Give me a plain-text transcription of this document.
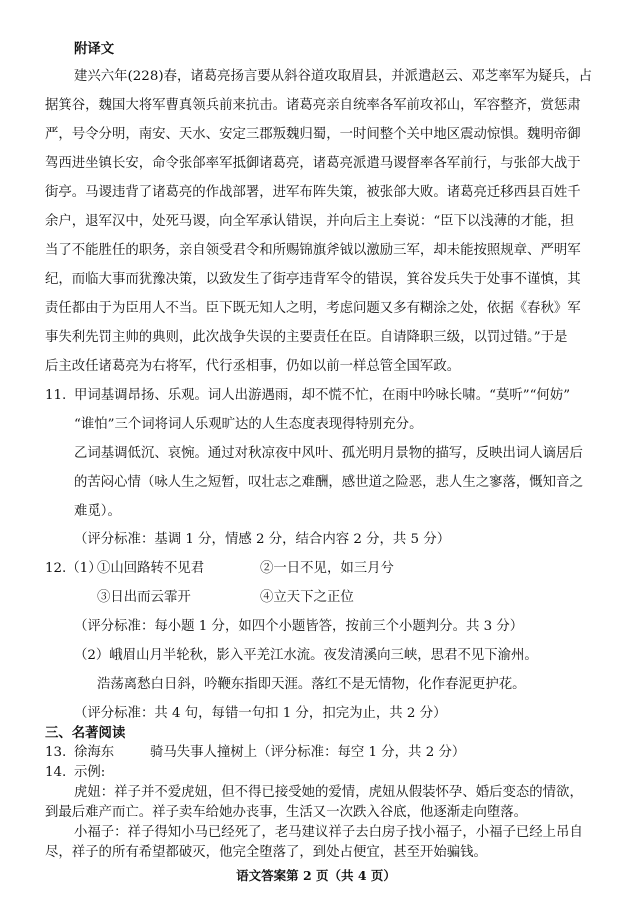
附译文
建兴六年(228)春，诸葛亮扬言要从斜谷道攻取眉县，并派遣赵云、邓芝率军为疑兵，占
据箕谷，魏国大将军曹真领兵前来抗击。诸葛亮亲自统率各军前攻祁山，军容整齐，赏惩肃
严，号令分明，南安、天水、安定三郡叛魏归蜀，一时间整个关中地区震动惊惧。魏明帝御
驾西进坐镇长安，命令张郃率军抵御诸葛亮，诸葛亮派遣马谡督率各军前行，与张郃大战于
街亭。马谡违背了诸葛亮的作战部署，进军布阵失策，被张郃大败。诸葛亮迁移西县百姓千
余户，退军汉中，处死马谡，向全军承认错误，并向后主上奏说：“臣下以浅薄的才能，担
当了不能胜任的职务，亲自领受君令和所赐锦旗斧钺以激励三军，却未能按照规章、严明军
纪，而临大事而犹豫决策，以致发生了街亭违背军令的错误，箕谷发兵失于处事不谨慎，其
责任都由于为臣用人不当。臣下既无知人之明，考虑问题又多有糊涂之处，依据《春秋》军
事失利先罚主帅的典则，此次战争失误的主要责任在臣。自请降职三级，以罚过错。”于是
后主改任诸葛亮为右将军，代行丞相事，仍如以前一样总管全国军政。
11. 甲词基调昂扬、乐观。词人出游遇雨，却不慌不忙，在雨中吟咏长啸。“莫听”“何妨”
“谁怕”三个词将词人乐观旷达的人生态度表现得特别充分。
乙词基调低沉、哀惋。通过对秋凉夜中风叶、孤光明月景物的描写，反映出词人谪居后
的苦闷心情（咏人生之短暂，叹壮志之难酬，感世道之险恶，悲人生之寥落，慨知音之
难觅）。
（评分标准：基调 1 分，情感 2 分，结合内容 2 分，共 5 分）
12.（1）
①山回路转不见君	②一日不见，如三月兮
③日出而云霏开	④立天下之正位
（评分标准：每小题 1 分，如四个小题皆答，按前三个小题判分。共 3 分）
（2）峨眉山月半轮秋，影入平羌江水流。夜发清溪向三峡，思君不见下渝州。
浩荡离愁白日斜，吟鞭东指即天涯。落红不是无情物，化作春泥更护花。
（评分标准：共 4 句，每错一句扣 1 分，扣完为止，共 2 分）
三、名著阅读
13. 徐海东	骑马失事人撞树上（评分标准：每空 1 分，共 2 分）
14. 示例:
虎妞：祥子并不爱虎妞，但不得已接受她的爱情，虎妞从假装怀孕、婚后变态的情欲，
语文答案第 2 页（共 4 页）
到最后难产而亡。祥子卖车给她办丧事，生活又一次跌入谷底，他逐渐走向堕落。
小福子：祥子得知小马已经死了，老马建议祥子去白房子找小福子，小福子已经上吊自
尽，祥子的所有希望都破灭，他完全堕落了，到处占便宜，甚至开始骗钱。
